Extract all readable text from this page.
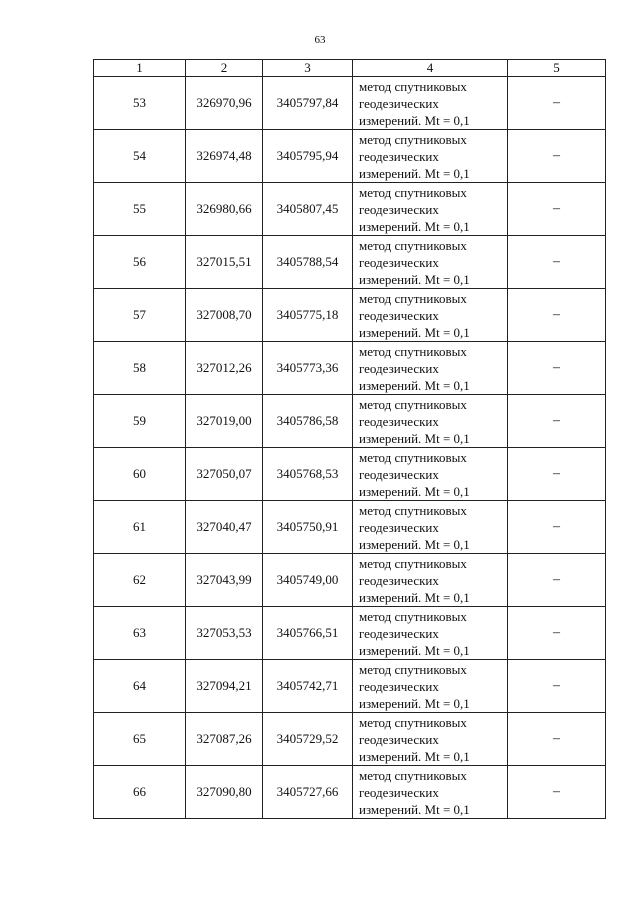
63
1	2	3	4	5
53	326970,96	3405797,84	метод спутниковых
геодезических
измерений. Mt = 0,1	–
54	326974,48	3405795,94	метод спутниковых
геодезических
измерений. Mt = 0,1	–
55	326980,66	3405807,45	метод спутниковых
геодезических
измерений. Mt = 0,1	–
56	327015,51	3405788,54	метод спутниковых
геодезических
измерений. Mt = 0,1	–
57	327008,70	3405775,18	метод спутниковых
геодезических
измерений. Mt = 0,1	–
58	327012,26	3405773,36	метод спутниковых
геодезических
измерений. Mt = 0,1	–
59	327019,00	3405786,58	метод спутниковых
геодезических
измерений. Mt = 0,1	–
60	327050,07	3405768,53	метод спутниковых
геодезических
измерений. Mt = 0,1	–
61	327040,47	3405750,91	метод спутниковых
геодезических
измерений. Mt = 0,1	–
62	327043,99	3405749,00	метод спутниковых
геодезических
измерений. Mt = 0,1	–
63	327053,53	3405766,51	метод спутниковых
геодезических
измерений. Mt = 0,1	–
64	327094,21	3405742,71	метод спутниковых
геодезических
измерений. Mt = 0,1	–
65	327087,26	3405729,52	метод спутниковых
геодезических
измерений. Mt = 0,1	–
66	327090,80	3405727,66	метод спутниковых
геодезических
измерений. Mt = 0,1	–
